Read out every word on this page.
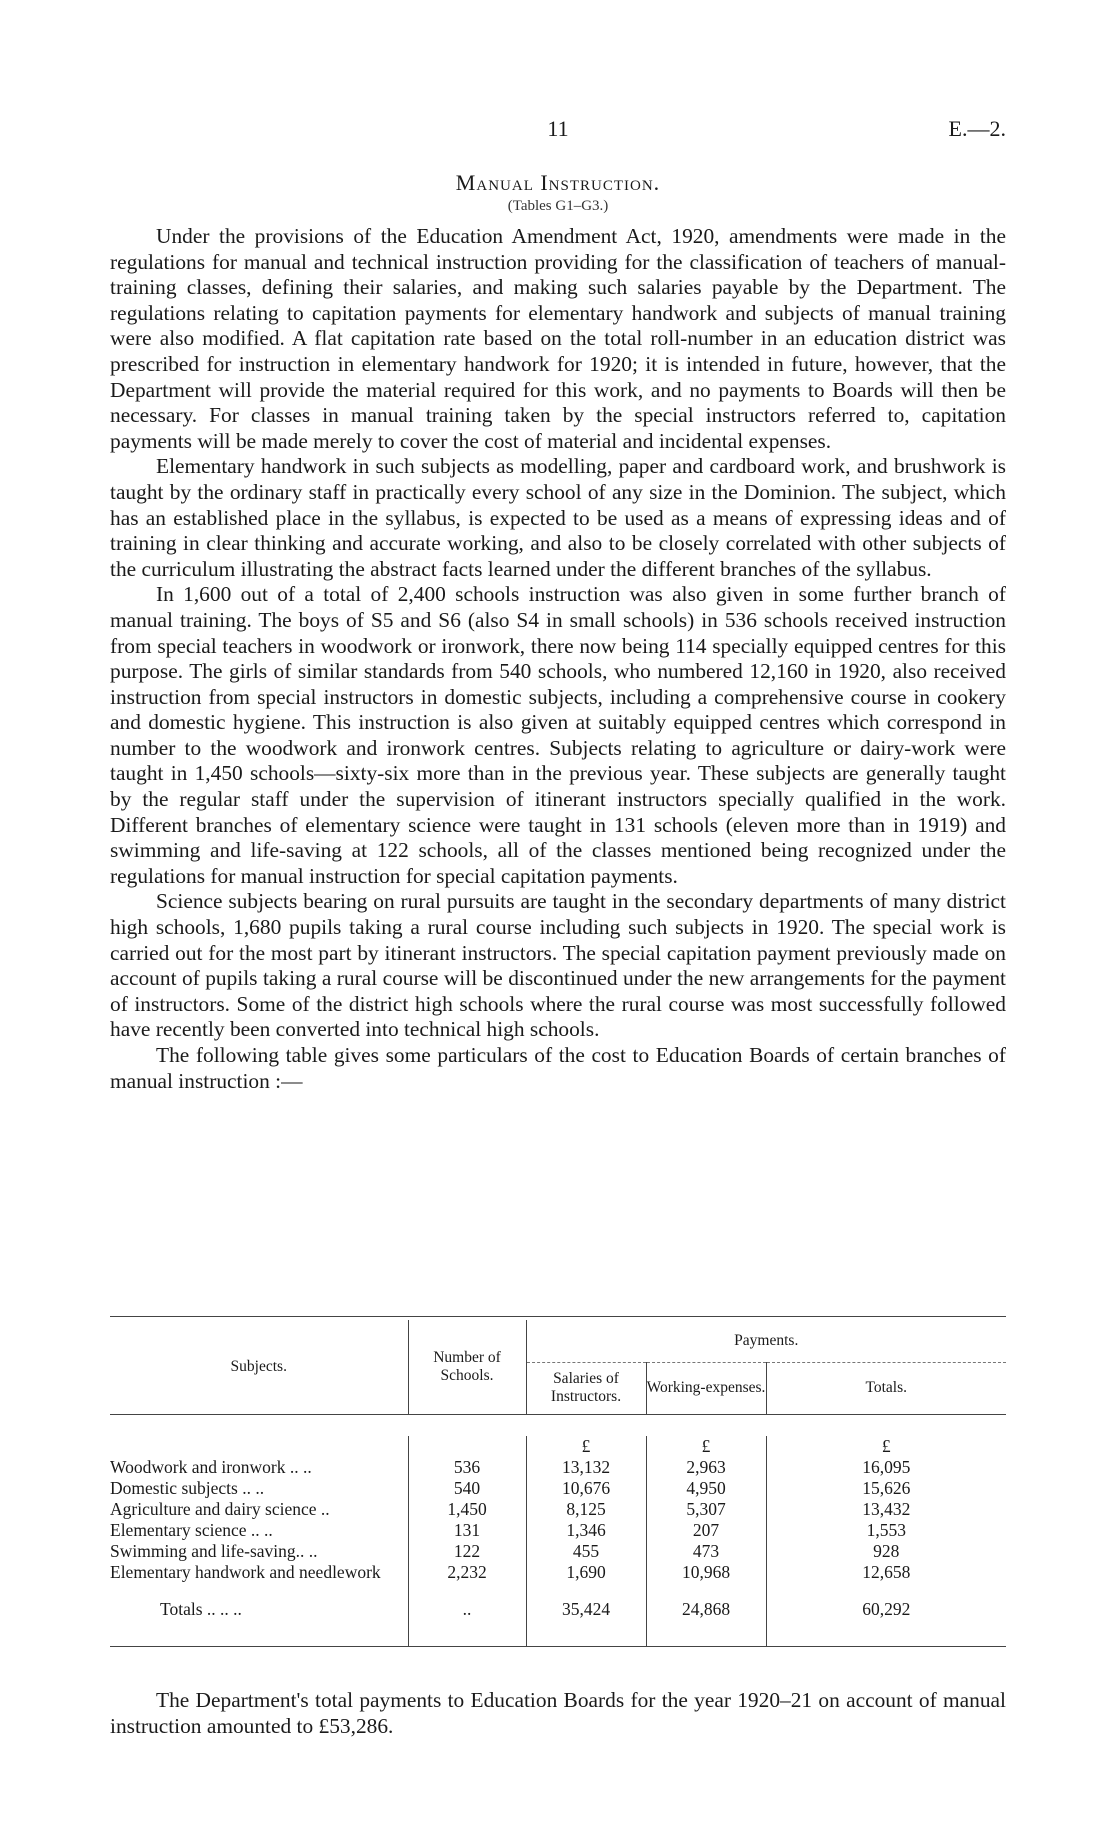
11	E.—2.
Manual Instruction.
(Tables G1–G3.)

Under the provisions of the Education Amendment Act, 1920, amendments were made in the regulations for manual and technical instruction providing for the classification of teachers of manual-training classes, defining their salaries, and making such salaries payable by the Department. The regulations relating to capitation payments for elementary handwork and subjects of manual training were also modified. A flat capitation rate based on the total roll-number in an education district was prescribed for instruction in elementary handwork for 1920; it is intended in future, however, that the Department will provide the material required for this work, and no payments to Boards will then be necessary. For classes in manual training taken by the special instructors referred to, capitation payments will be made merely to cover the cost of material and incidental expenses.

Elementary handwork in such subjects as modelling, paper and cardboard work, and brushwork is taught by the ordinary staff in practically every school of any size in the Dominion. The subject, which has an established place in the syllabus, is expected to be used as a means of expressing ideas and of training in clear thinking and accurate working, and also to be closely correlated with other subjects of the curriculum illustrating the abstract facts learned under the different branches of the syllabus.

In 1,600 out of a total of 2,400 schools instruction was also given in some further branch of manual training. The boys of S5 and S6 (also S4 in small schools) in 536 schools received instruction from special teachers in woodwork or ironwork, there now being 114 specially equipped centres for this purpose. The girls of similar standards from 540 schools, who numbered 12,160 in 1920, also received instruction from special instructors in domestic subjects, including a comprehensive course in cookery and domestic hygiene. This instruction is also given at suitably equipped centres which correspond in number to the woodwork and ironwork centres. Subjects relating to agriculture or dairy-work were taught in 1,450 schools—sixty-six more than in the previous year. These subjects are generally taught by the regular staff under the supervision of itinerant instructors specially qualified in the work. Different branches of elementary science were taught in 131 schools (eleven more than in 1919) and swimming and life-saving at 122 schools, all of the classes mentioned being recognized under the regulations for manual instruction for special capitation payments.

Science subjects bearing on rural pursuits are taught in the secondary departments of many district high schools, 1,680 pupils taking a rural course including such subjects in 1920. The special work is carried out for the most part by itinerant instructors. The special capitation payment previously made on account of pupils taking a rural course will be discontinued under the new arrangements for the payment of instructors. Some of the district high schools where the rural course was most successfully followed have recently been converted into technical high schools.

The following table gives some particulars of the cost to Education Boards of certain branches of manual instruction :—

Subjects.	Number of Schools.	Payments.		
		Salaries of Instructors.	Working-expenses.	Totals.

		£	£	£
Woodwork and ironwork .. ..	536	13,132	2,963	16,095
Domestic subjects .. ..	540	10,676	4,950	15,626
Agriculture and dairy science ..	1,450	8,125	5,307	13,432
Elementary science .. ..	131	1,346	207	1,553
Swimming and life-saving.. ..	122	455	473	928
Elementary handwork and needlework	2,232	1,690	10,968	12,658

Totals .. .. ..	..	35,424	24,868	60,292

The Department's total payments to Education Boards for the year 1920–21 on account of manual instruction amounted to £53,286.
